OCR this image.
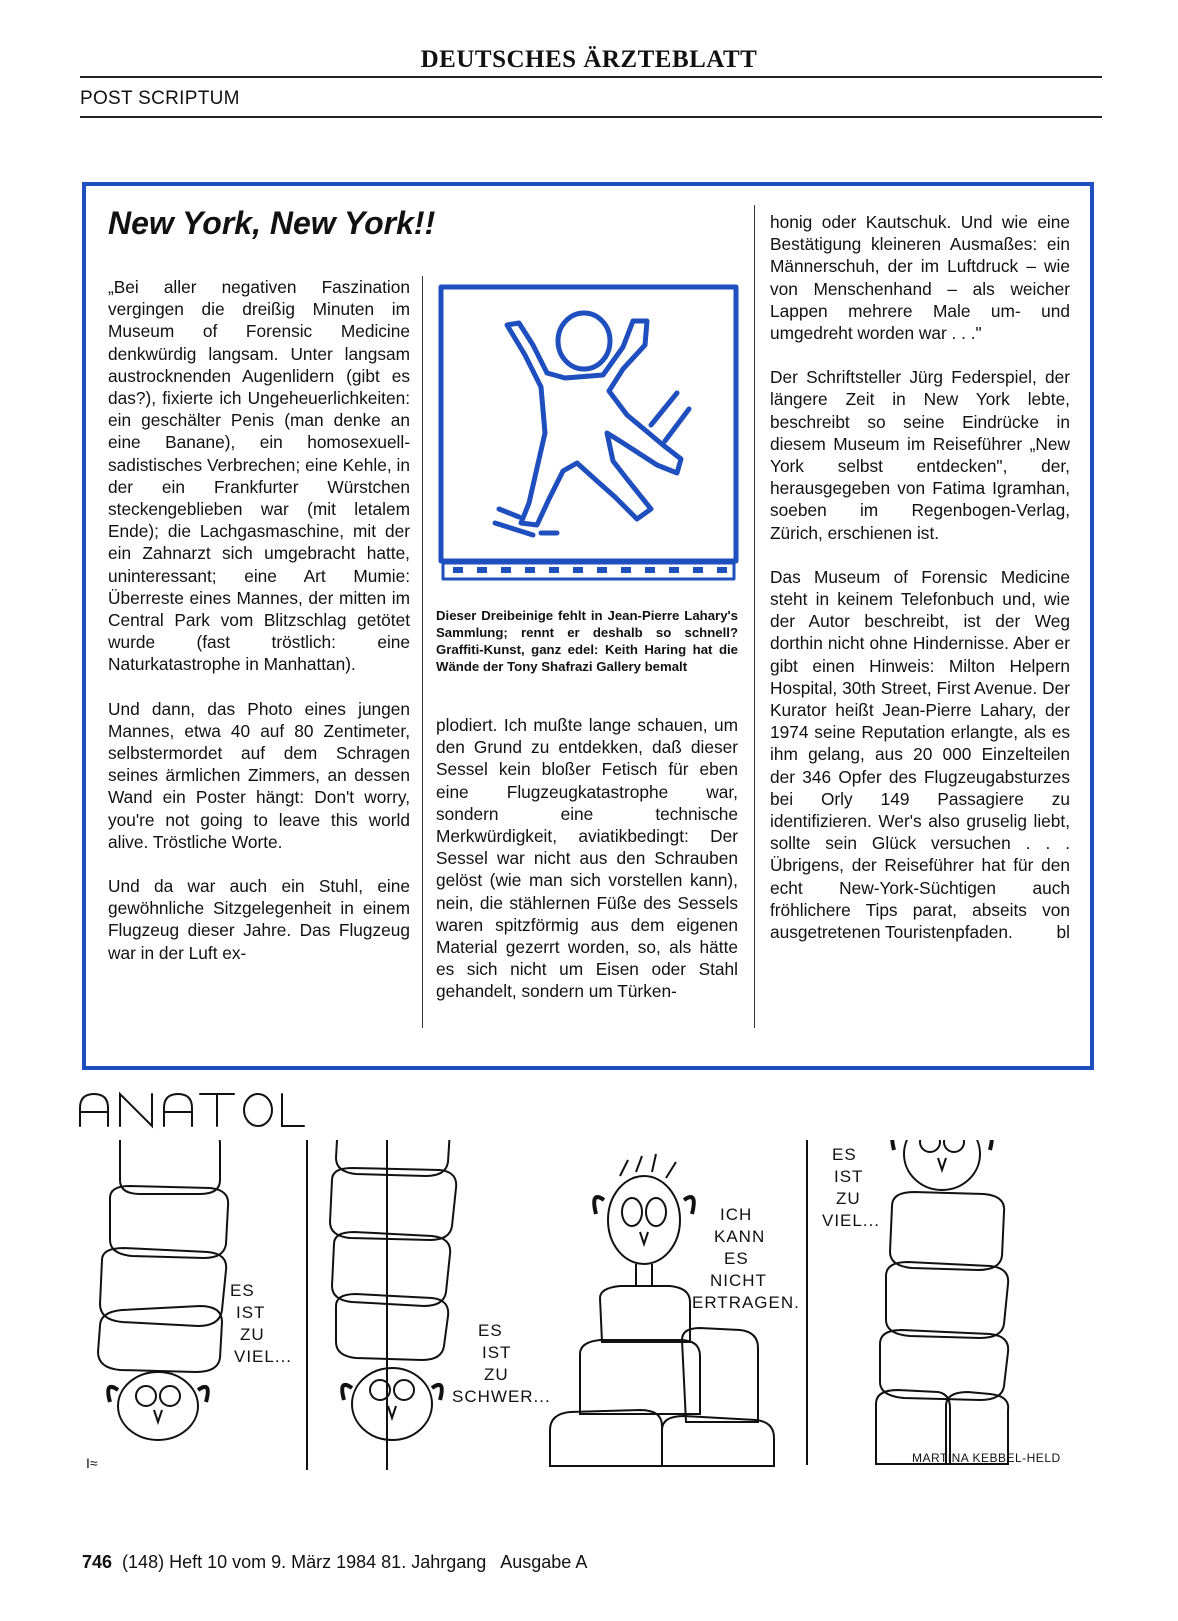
DEUTSCHES ÄRZTEBLATT
POST SCRIPTUM
New York, New York!!

„Bei aller negativen Faszination vergingen die dreißig Minuten im Museum of Forensic Medicine denkwürdig langsam. Unter langsam austrocknenden Augenlidern (gibt es das?), fixierte ich Ungeheuerlichkeiten: ein geschälter Penis (man denke an eine Banane), ein homosexuell-sadistisches Verbrechen; eine Kehle, in der ein Frankfurter Würstchen steckengeblieben war (mit letalem Ende); die Lachgasmaschine, mit der ein Zahnarzt sich umgebracht hatte, uninteressant; eine Art Mumie: Überreste eines Mannes, der mitten im Central Park vom Blitzschlag getötet wurde (fast tröstlich: eine Naturkatastrophe in Manhattan).

Und dann, das Photo eines jungen Mannes, etwa 40 auf 80 Zentimeter, selbstermordet auf dem Schragen seines ärmlichen Zimmers, an dessen Wand ein Poster hängt: Don't worry, you're not going to leave this world alive. Tröstliche Worte.

Und da war auch ein Stuhl, eine gewöhnliche Sitzgelegenheit in einem Flugzeug dieser Jahre. Das Flugzeug war in der Luft ex-

Dieser Dreibeinige fehlt in Jean-Pierre Lahary's Sammlung; rennt er deshalb so schnell? Graffiti-Kunst, ganz edel: Keith Haring hat die Wände der Tony Shafrazi Gallery bemalt

plodiert. Ich mußte lange schauen, um den Grund zu entdekken, daß dieser Sessel kein bloßer Fetisch für eben eine Flugzeugkatastrophe war, sondern eine technische Merkwürdigkeit, aviatikbedingt: Der Sessel war nicht aus den Schrauben gelöst (wie man sich vorstellen kann), nein, die stählernen Füße des Sessels waren spitzförmig aus dem eigenen Material gezerrt worden, so, als hätte es sich nicht um Eisen oder Stahl gehandelt, sondern um Türken-

honig oder Kautschuk. Und wie eine Bestätigung kleineren Ausmaßes: ein Männerschuh, der im Luftdruck – wie von Menschenhand – als weicher Lappen mehrere Male um- und umgedreht worden war . . ."

Der Schriftsteller Jürg Federspiel, der längere Zeit in New York lebte, beschreibt so seine Eindrücke in diesem Museum im Reiseführer „New York selbst entdecken", der, herausgegeben von Fatima Igramhan, soeben im Regenbogen-Verlag, Zürich, erschienen ist.

Das Museum of Forensic Medicine steht in keinem Telefonbuch und, wie der Autor beschreibt, ist der Weg dorthin nicht ohne Hindernisse. Aber er gibt einen Hinweis: Milton Helpern Hospital, 30th Street, First Avenue. Der Kurator heißt Jean-Pierre Lahary, der 1974 seine Reputation erlangte, als es ihm gelang, aus 20 000 Einzelteilen der 346 Opfer des Flugzeugabsturzes bei Orly 149 Passagiere zu identifizieren. Wer's also gruselig liebt, sollte sein Glück versuchen . . . Übrigens, der Reiseführer hat für den echt New-York-Süchtigen auch fröhlichere Tips parat, abseits von ausgetretenen Touristenpfaden.	bl

ANATOL
ES
IST
ZU
VIEL...
ES
IST
ZU
SCHWER...
ICH
KANN
ES
NICHT
ERTRAGEN.
ES
IST
ZU
VIEL...
I≈	MARTINA KEBBEL-HELD
746 (148) Heft 10 vom 9. März 1984 81. Jahrgang   Ausgabe A
